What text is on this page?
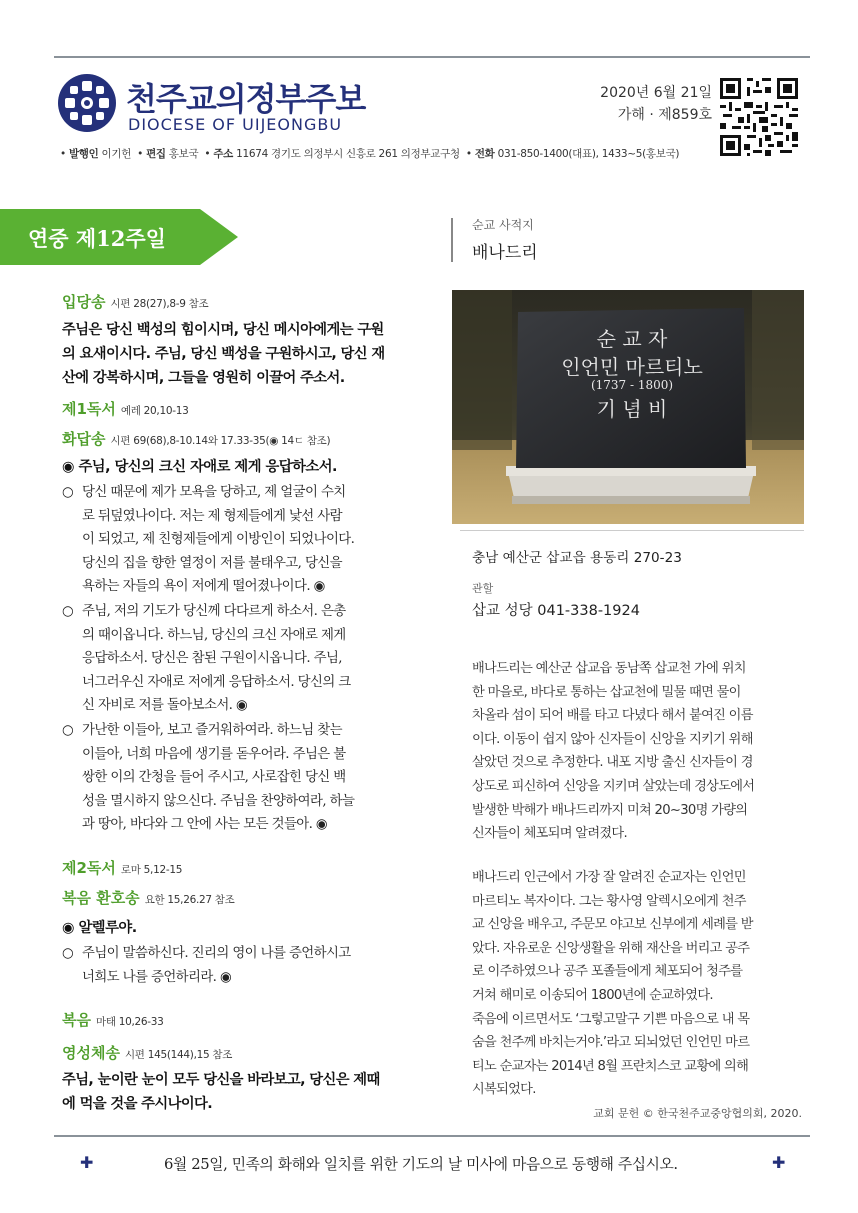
천주교의정부주보
DIOCESE OF UIJEONGBU
2020년 6월 21일
가해 · 제859호
• 발행인 이기헌  • 편집 홍보국  • 주소 11674 경기도 의정부시 신흥로 261 의정부교구청  • 전화 031-850-1400(대표), 1433~5(홍보국)
연중 제12주일
입당송 시편 28(27),8-9 참조
주님은 당신 백성의 힘이시며, 당신 메시아에게는 구원
의 요새이시다. 주님, 당신 백성을 구원하시고, 당신 재
산에 강복하시며, 그들을 영원히 이끌어 주소서.
제1독서 예레 20,10-13
화답송 시편 69(68),8-10.14와 17.33-35(◉ 14ㄷ 참조)
◉ 주님, 당신의 크신 자애로 제게 응답하소서.
○ 당신 때문에 제가 모욕을 당하고, 제 얼굴이 수치
로 뒤덮였나이다. 저는 제 형제들에게 낯선 사람
이 되었고, 제 친형제들에게 이방인이 되었나이다.
당신의 집을 향한 열정이 저를 불태우고, 당신을
욕하는 자들의 욕이 저에게 떨어졌나이다. ◉
○ 주님, 저의 기도가 당신께 다다르게 하소서. 은총
의 때이옵니다. 하느님, 당신의 크신 자애로 제게
응답하소서. 당신은 참된 구원이시옵니다. 주님,
너그러우신 자애로 저에게 응답하소서. 당신의 크
신 자비로 저를 돌아보소서. ◉
○ 가난한 이들아, 보고 즐거워하여라. 하느님 찾는
이들아, 너희 마음에 생기를 돋우어라. 주님은 불
쌍한 이의 간청을 들어 주시고, 사로잡힌 당신 백
성을 멸시하지 않으신다. 주님을 찬양하여라, 하늘
과 땅아, 바다와 그 안에 사는 모든 것들아. ◉
제2독서 로마 5,12-15
복음 환호송 요한 15,26.27 참조
◉ 알렐루야.
○ 주님이 말씀하신다. 진리의 영이 나를 증언하시고
너희도 나를 증언하리라. ◉
복음 마태 10,26-33
영성체송 시편 145(144),15 참조
주님, 눈이란 눈이 모두 당신을 바라보고, 당신은 제때
에 먹을 것을 주시나이다.
순교 사적지
배나드리
순 교 자
인언민 마르티노
(1737 - 1800)
기 념 비
충남 예산군 삽교읍 용동리 270-23
관할
삽교 성당 041-338-1924
배나드리는 예산군 삽교읍 동남쪽 삽교천 가에 위치
한 마을로, 바다로 통하는 삽교천에 밀물 때면 물이
차올라 섬이 되어 배를 타고 다녔다 해서 붙여진 이름
이다. 이동이 쉽지 않아 신자들이 신앙을 지키기 위해
살았던 것으로 추정한다. 내포 지방 출신 신자들이 경
상도로 피신하여 신앙을 지키며 살았는데 경상도에서
발생한 박해가 배나드리까지 미쳐 20~30명 가량의
신자들이 체포되며 알려졌다.
배나드리 인근에서 가장 잘 알려진 순교자는 인언민
마르티노 복자이다. 그는 황사영 알렉시오에게 천주
교 신앙을 배우고, 주문모 야고보 신부에게 세례를 받
았다. 자유로운 신앙생활을 위해 재산을 버리고 공주
로 이주하였으나 공주 포졸들에게 체포되어 청주를
거쳐 해미로 이송되어 1800년에 순교하였다.
죽음에 이르면서도 ‘그렇고말구 기쁜 마음으로 내 목
숨을 천주께 바치는거야.’라고 되뇌었던 인언민 마르
티노 순교자는 2014년 8월 프란치스코 교황에 의해
시복되었다.
교회 문헌 © 한국천주교중앙협의회, 2020.
✚	6월 25일, 민족의 화해와 일치를 위한 기도의 날 미사에 마음으로 동행해 주십시오.	✚
